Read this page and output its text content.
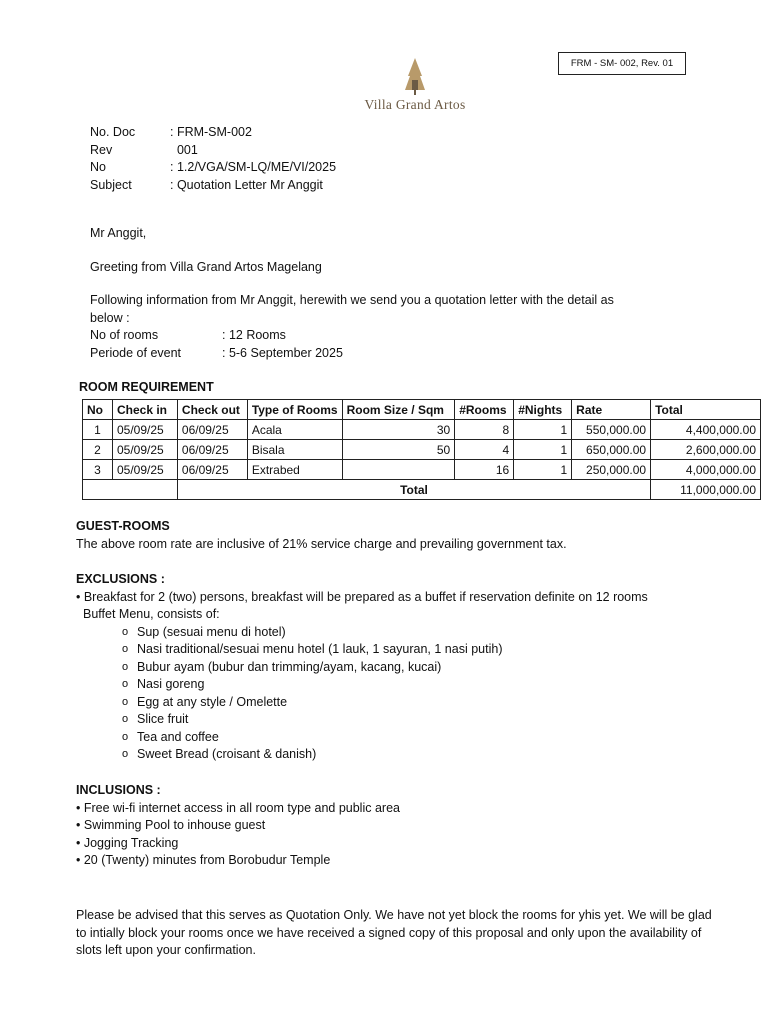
FRM - SM- 002, Rev. 01
Villa Grand Artos
No. Doc	: FRM-SM-002
Rev	001
No	: 1.2/VGA/SM-LQ/ME/VI/2025
Subject	: Quotation Letter Mr Anggit
Mr Anggit,
Greeting from Villa Grand Artos Magelang
Following information from Mr Anggit, herewith we send you a quotation letter with the detail as
below :
No of rooms	: 12 Rooms
Periode of event	: 5-6 September 2025
ROOM REQUIREMENT
No	Check in	Check out	Type of Rooms	Room Size / Sqm	#Rooms	#Nights	Rate	Total
1	05/09/25	06/09/25	Acala	30	8	1	550,000.00	4,400,000.00
2	05/09/25	06/09/25	Bisala	50	4	1	650,000.00	2,600,000.00
3	05/09/25	06/09/25	Extrabed		16	1	250,000.00	4,000,000.00
		Total						11,000,000.00
GUEST-ROOMS
The above room rate are inclusive of 21% service charge and prevailing government tax.
EXCLUSIONS :
• Breakfast for 2 (two) persons, breakfast will be prepared as a buffet if reservation definite on 12 rooms
Buffet Menu, consists of:
o Sup (sesuai menu di hotel)
o Nasi traditional/sesuai menu hotel (1 lauk, 1 sayuran, 1 nasi putih)
o Bubur ayam (bubur dan trimming/ayam, kacang, kucai)
o Nasi goreng
o Egg at any style / Omelette
o Slice fruit
o Tea and coffee
o Sweet Bread (croisant & danish)
INCLUSIONS :
• Free wi-fi internet access in all room type and public area
• Swimming Pool to inhouse guest
• Jogging Tracking
• 20 (Twenty) minutes from Borobudur Temple
Please be advised that this serves as Quotation Only. We have not yet block the rooms for yhis yet. We will be glad
to intially block your rooms once we have received a signed copy of this proposal and only upon the availability of
slots left upon your confirmation.
